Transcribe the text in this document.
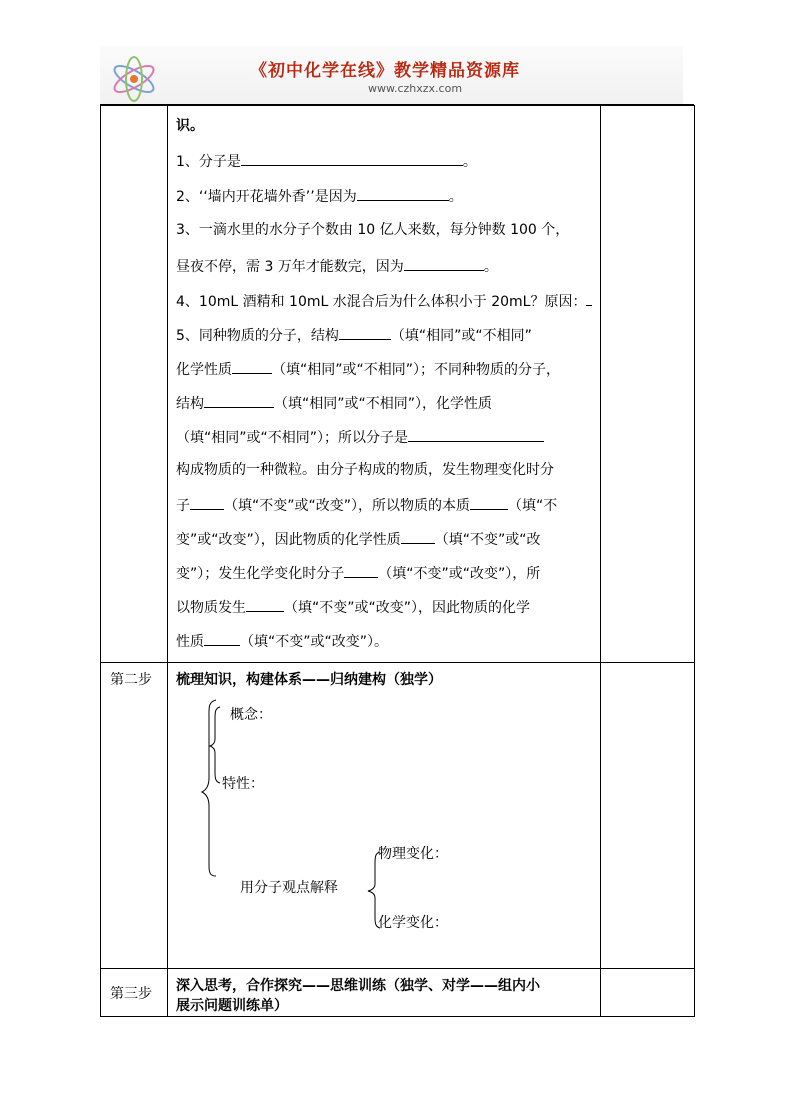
《初中化学在线》教学精品资源库
www.czhxzx.com
识。
1、分子是	。
2、‘‘墙内开花墙外香’’是因为	。
3、一滴水里的水分子个数由 10 亿人来数，每分钟数 100 个，
昼夜不停，需 3 万年才能数完，因为	。
4、10mL 酒精和 10mL 水混合后为什么体积小于 20mL？原因：
5、同种物质的分子，结构	（填“相同”或“不相同”
化学性质	（填“相同”或“不相同”）；不同种物质的分子，
结构	（填“相同”或“不相同”），化学性质
（填“相同”或“不相同”）；所以分子是
构成物质的一种微粒。由分子构成的物质，发生物理变化时分
子 （填“不变”或“改变”），所以物质的本质	（填“不
变”或“改变”），因此物质的化学性质 （填“不变”或“改
变”）；发生化学变化时分子 （填“不变”或“改变”），所
以物质发生	（填“不变”或“改变”），因此物质的化学
性质	（填“不变”或“改变”）。
第二步 梳理知识，构建体系——归纳建构（独学）
概念：
特性：
用分子观点解释
物理变化：
化学变化：
第三步 深入思考，合作探究——思维训练（独学、对学——组内小
展示问题训练单）
